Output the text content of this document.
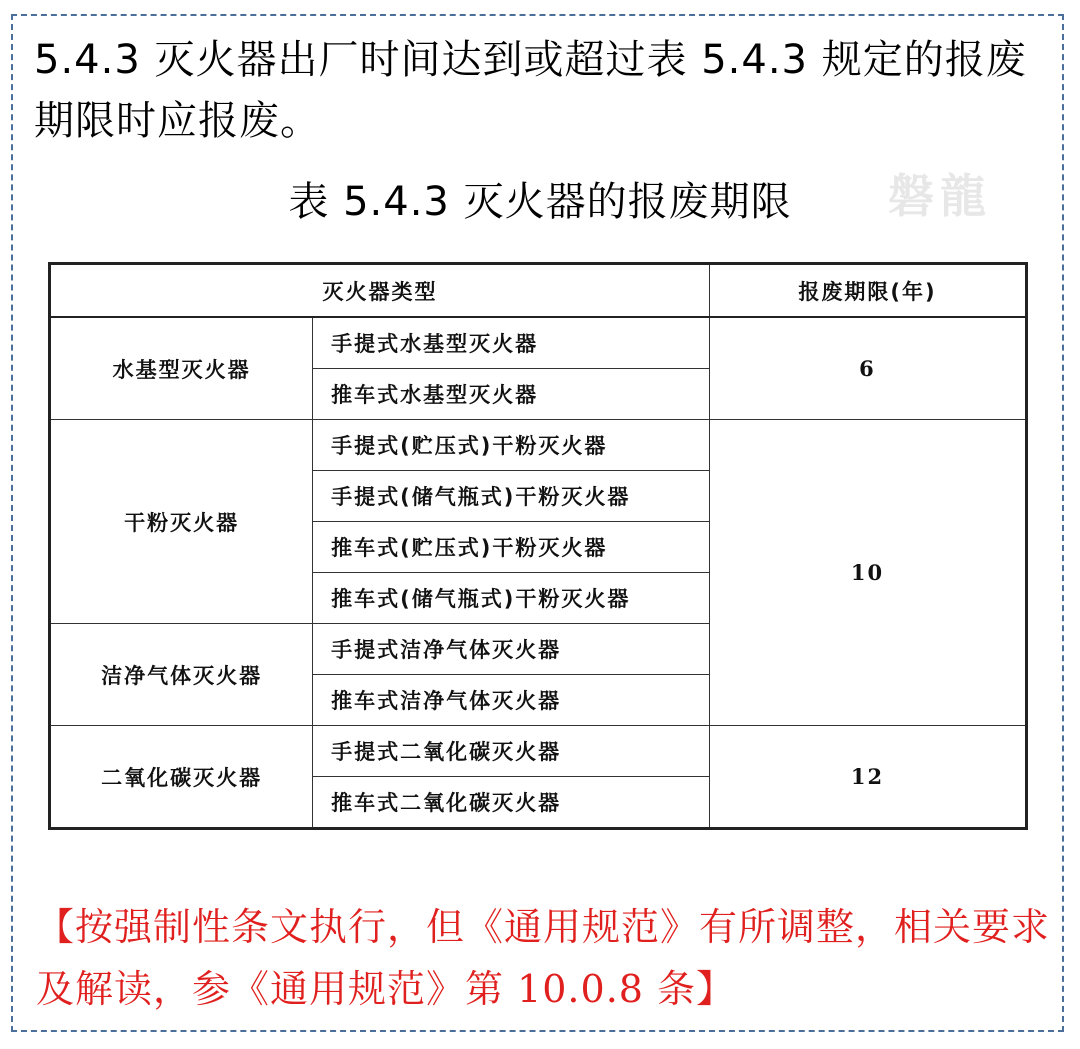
5.4.3 灭火器出厂时间达到或超过表 5.4.3 规定的报废期限时应报废。
磐龍
表 5.4.3 灭火器的报废期限
灭火器类型		报废期限(年)
水基型灭火器	手提式水基型灭火器	6
	推车式水基型灭火器	
干粉灭火器	手提式(贮压式)干粉灭火器	10
	手提式(储气瓶式)干粉灭火器	
	推车式(贮压式)干粉灭火器	
	推车式(储气瓶式)干粉灭火器	
洁净气体灭火器	手提式洁净气体灭火器	
	推车式洁净气体灭火器	
二氧化碳灭火器	手提式二氧化碳灭火器	12
	推车式二氧化碳灭火器	
【按强制性条文执行，但《通用规范》有所调整，相关要求及解读，参《通用规范》第 10.0.8 条】
